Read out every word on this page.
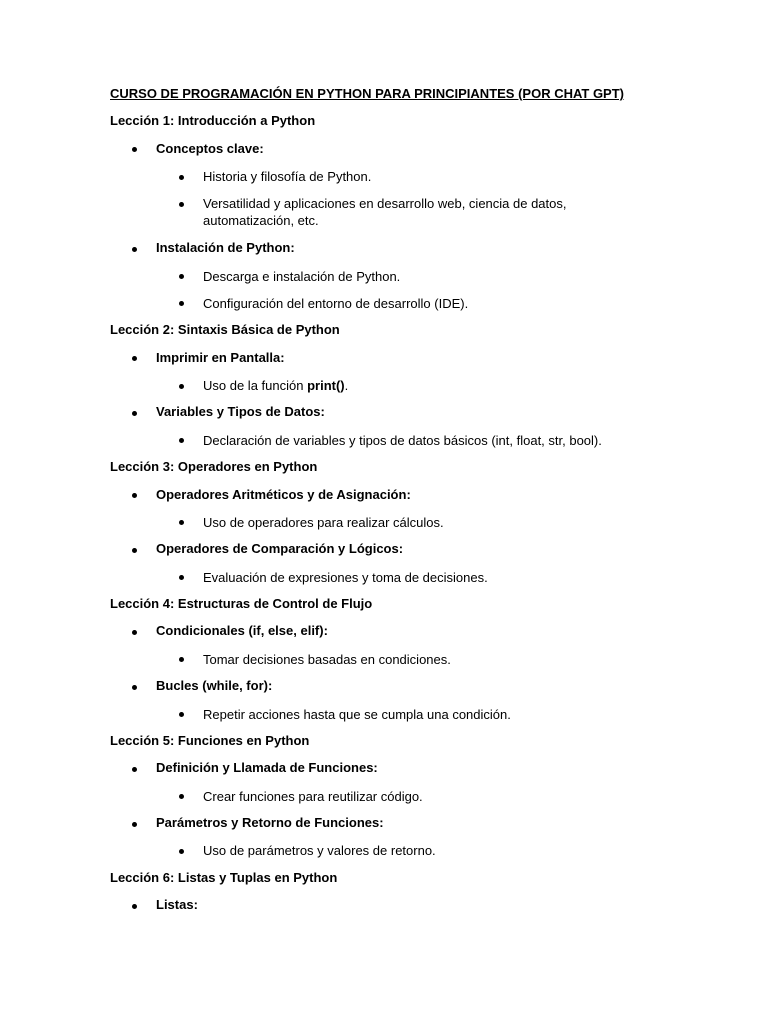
CURSO DE PROGRAMACIÓN EN PYTHON PARA PRINCIPIANTES (POR CHAT GPT)
Lección 1: Introducción a Python
Conceptos clave:
Historia y filosofía de Python.
Versatilidad y aplicaciones en desarrollo web, ciencia de datos, automatización, etc.
Instalación de Python:
Descarga e instalación de Python.
Configuración del entorno de desarrollo (IDE).
Lección 2: Sintaxis Básica de Python
Imprimir en Pantalla:
Uso de la función print().
Variables y Tipos de Datos:
Declaración de variables y tipos de datos básicos (int, float, str, bool).
Lección 3: Operadores en Python
Operadores Aritméticos y de Asignación:
Uso de operadores para realizar cálculos.
Operadores de Comparación y Lógicos:
Evaluación de expresiones y toma de decisiones.
Lección 4: Estructuras de Control de Flujo
Condicionales (if, else, elif):
Tomar decisiones basadas en condiciones.
Bucles (while, for):
Repetir acciones hasta que se cumpla una condición.
Lección 5: Funciones en Python
Definición y Llamada de Funciones:
Crear funciones para reutilizar código.
Parámetros y Retorno de Funciones:
Uso de parámetros y valores de retorno.
Lección 6: Listas y Tuplas en Python
Listas:
